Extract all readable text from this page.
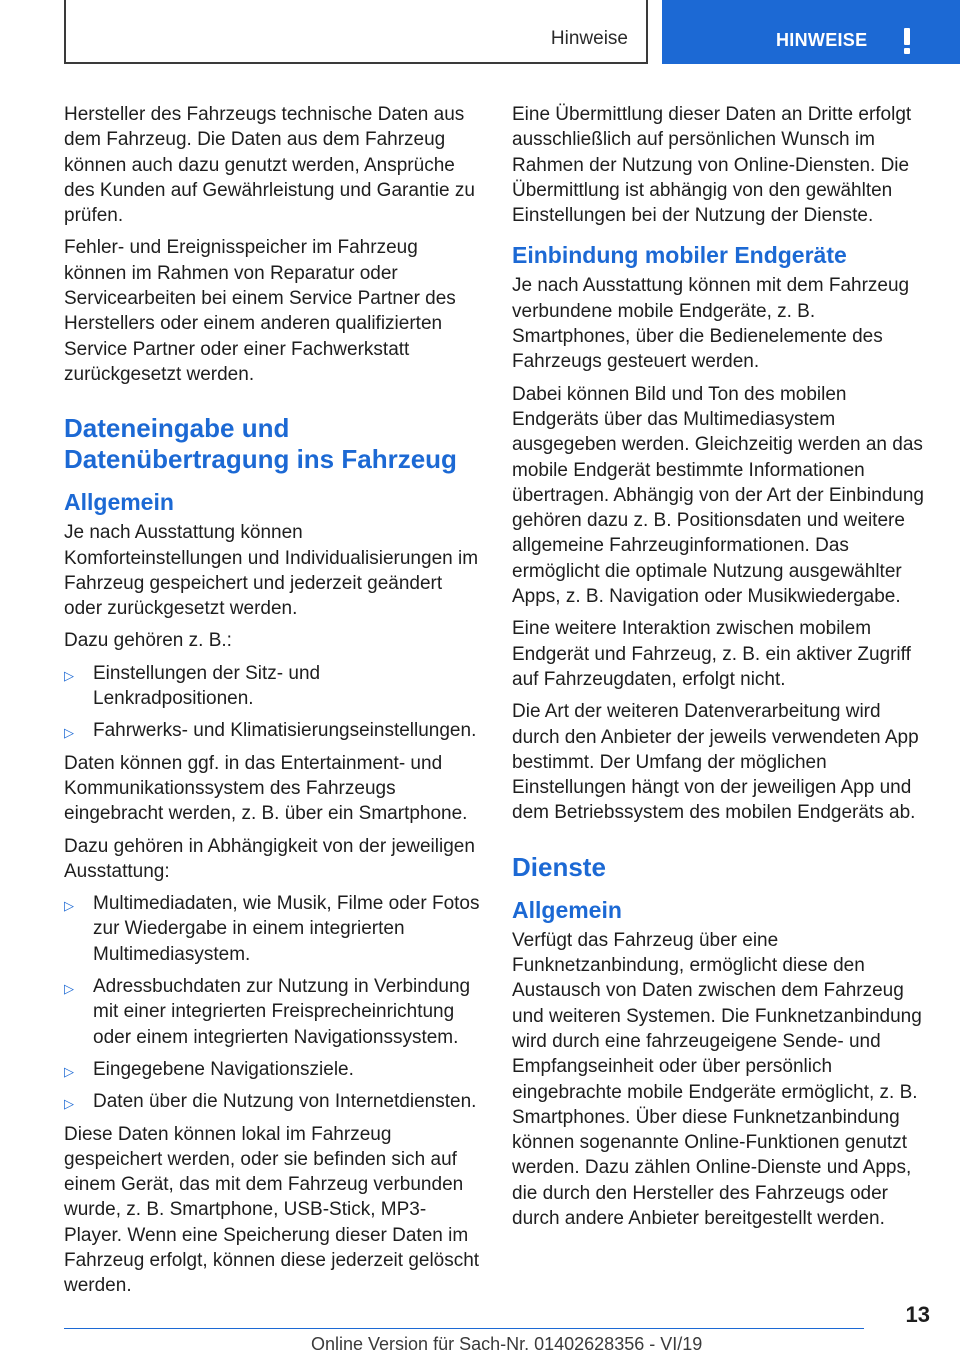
Hinweise	HINWEISE

Hersteller des Fahrzeugs technische Daten aus dem Fahrzeug. Die Daten aus dem Fahrzeug können auch dazu genutzt werden, Ansprüche des Kunden auf Gewährleistung und Garantie zu prüfen.

Fehler- und Ereignisspeicher im Fahrzeug können im Rahmen von Reparatur oder Servicearbeiten bei einem Service Partner des Herstellers oder einem anderen qualifizierten Service Partner oder einer Fachwerkstatt zurückgesetzt werden.

Dateneingabe und Datenübertragung ins Fahrzeug
Allgemein

Je nach Ausstattung können Komforteinstellungen und Individualisierungen im Fahrzeug gespeichert und jederzeit geändert oder zurückgesetzt werden.

Dazu gehören z. B.:

▷ Einstellungen der Sitz- und Lenkradpositionen.
▷ Fahrwerks- und Klimatisierungseinstellungen.

Daten können ggf. in das Entertainment- und Kommunikationssystem des Fahrzeugs eingebracht werden, z. B. über ein Smartphone.

Dazu gehören in Abhängigkeit von der jeweiligen Ausstattung:

▷ Multimediadaten, wie Musik, Filme oder Fotos zur Wiedergabe in einem integrierten Multimediasystem.
▷ Adressbuchdaten zur Nutzung in Verbindung mit einer integrierten Freisprecheinrichtung oder einem integrierten Navigationssystem.
▷ Eingegebene Navigationsziele.
▷ Daten über die Nutzung von Internetdiensten.

Diese Daten können lokal im Fahrzeug gespeichert werden, oder sie befinden sich auf einem Gerät, das mit dem Fahrzeug verbunden wurde, z. B. Smartphone, USB-Stick, MP3-Player. Wenn eine Speicherung dieser Daten im Fahrzeug erfolgt, können diese jederzeit gelöscht werden.

Eine Übermittlung dieser Daten an Dritte erfolgt ausschließlich auf persönlichen Wunsch im Rahmen der Nutzung von Online-Diensten. Die Übermittlung ist abhängig von den gewählten Einstellungen bei der Nutzung der Dienste.

Einbindung mobiler Endgeräte

Je nach Ausstattung können mit dem Fahrzeug verbundene mobile Endgeräte, z. B. Smartphones, über die Bedienelemente des Fahrzeugs gesteuert werden.

Dabei können Bild und Ton des mobilen Endgeräts über das Multimediasystem ausgegeben werden. Gleichzeitig werden an das mobile Endgerät bestimmte Informationen übertragen. Abhängig von der Art der Einbindung gehören dazu z. B. Positionsdaten und weitere allgemeine Fahrzeuginformationen. Das ermöglicht die optimale Nutzung ausgewählter Apps, z. B. Navigation oder Musikwiedergabe.

Eine weitere Interaktion zwischen mobilem Endgerät und Fahrzeug, z. B. ein aktiver Zugriff auf Fahrzeugdaten, erfolgt nicht.

Die Art der weiteren Datenverarbeitung wird durch den Anbieter der jeweils verwendeten App bestimmt. Der Umfang der möglichen Einstellungen hängt von der jeweiligen App und dem Betriebssystem des mobilen Endgeräts ab.

Dienste
Allgemein

Verfügt das Fahrzeug über eine Funknetzanbindung, ermöglicht diese den Austausch von Daten zwischen dem Fahrzeug und weiteren Systemen. Die Funknetzanbindung wird durch eine fahrzeugeigene Sende- und Empfangseinheit oder über persönlich eingebrachte mobile Endgeräte ermöglicht, z. B. Smartphones. Über diese Funknetzanbindung können sogenannte Online-Funktionen genutzt werden. Dazu zählen Online-Dienste und Apps, die durch den Hersteller des Fahrzeugs oder durch andere Anbieter bereitgestellt werden.

13
Online Version für Sach-Nr. 01402628356 - VI/19
